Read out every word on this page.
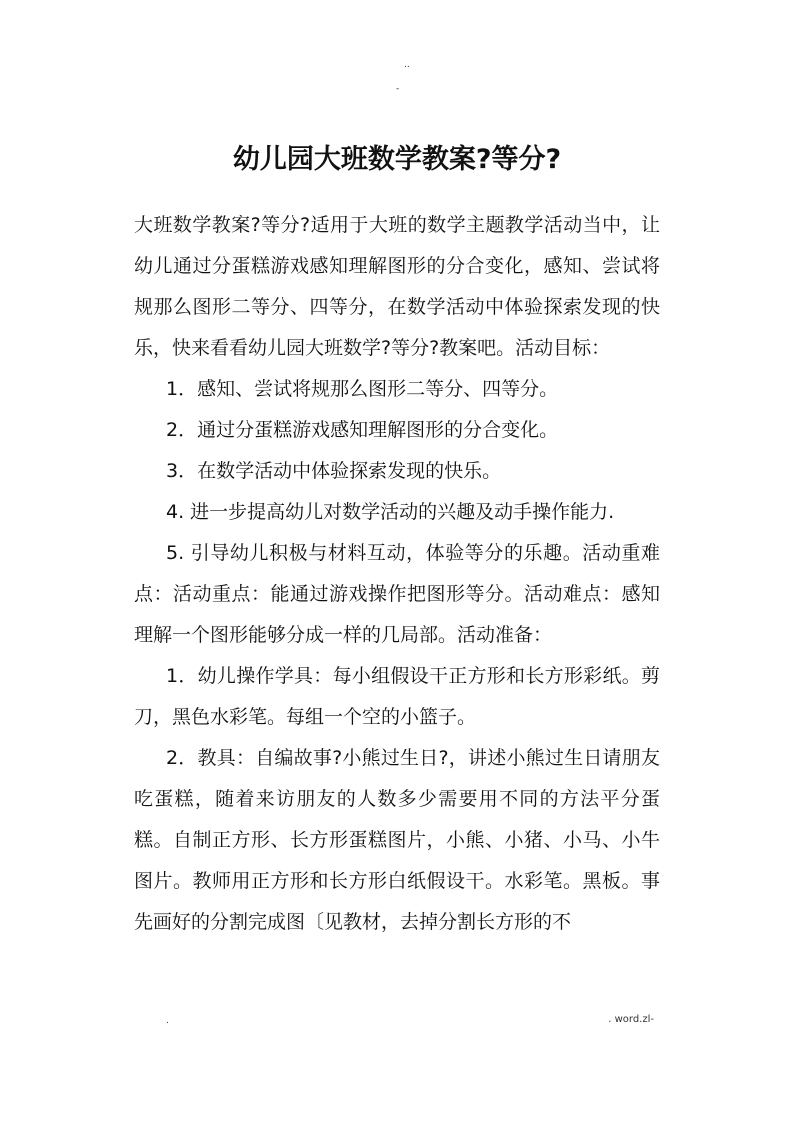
..
-
幼儿园大班数学教案?等分?

大班数学教案?等分?适用于大班的数学主题教学活动当中，让幼儿通过分蛋糕游戏感知理解图形的分合变化，感知、尝试将规那么图形二等分、四等分，在数学活动中体验探索发现的快乐，快来看看幼儿园大班数学?等分?教案吧。活动目标：

1．感知、尝试将规那么图形二等分、四等分。

2．通过分蛋糕游戏感知理解图形的分合变化。

3．在数学活动中体验探索发现的快乐。

4. 进一步提高幼儿对数学活动的兴趣及动手操作能力.

5. 引导幼儿积极与材料互动，体验等分的乐趣。活动重难点：活动重点：能通过游戏操作把图形等分。活动难点：感知理解一个图形能够分成一样的几局部。活动准备：

1．幼儿操作学具：每小组假设干正方形和长方形彩纸。剪刀，黑色水彩笔。每组一个空的小篮子。

2．教具：自编故事?小熊过生日?，讲述小熊过生日请朋友吃蛋糕，随着来访朋友的人数多少需要用不同的方法平分蛋糕。自制正方形、长方形蛋糕图片，小熊、小猪、小马、小牛图片。教师用正方形和长方形白纸假设干。水彩笔。黑板。事先画好的分割完成图〔见教材，去掉分割长方形的不

.	. word.zl-
